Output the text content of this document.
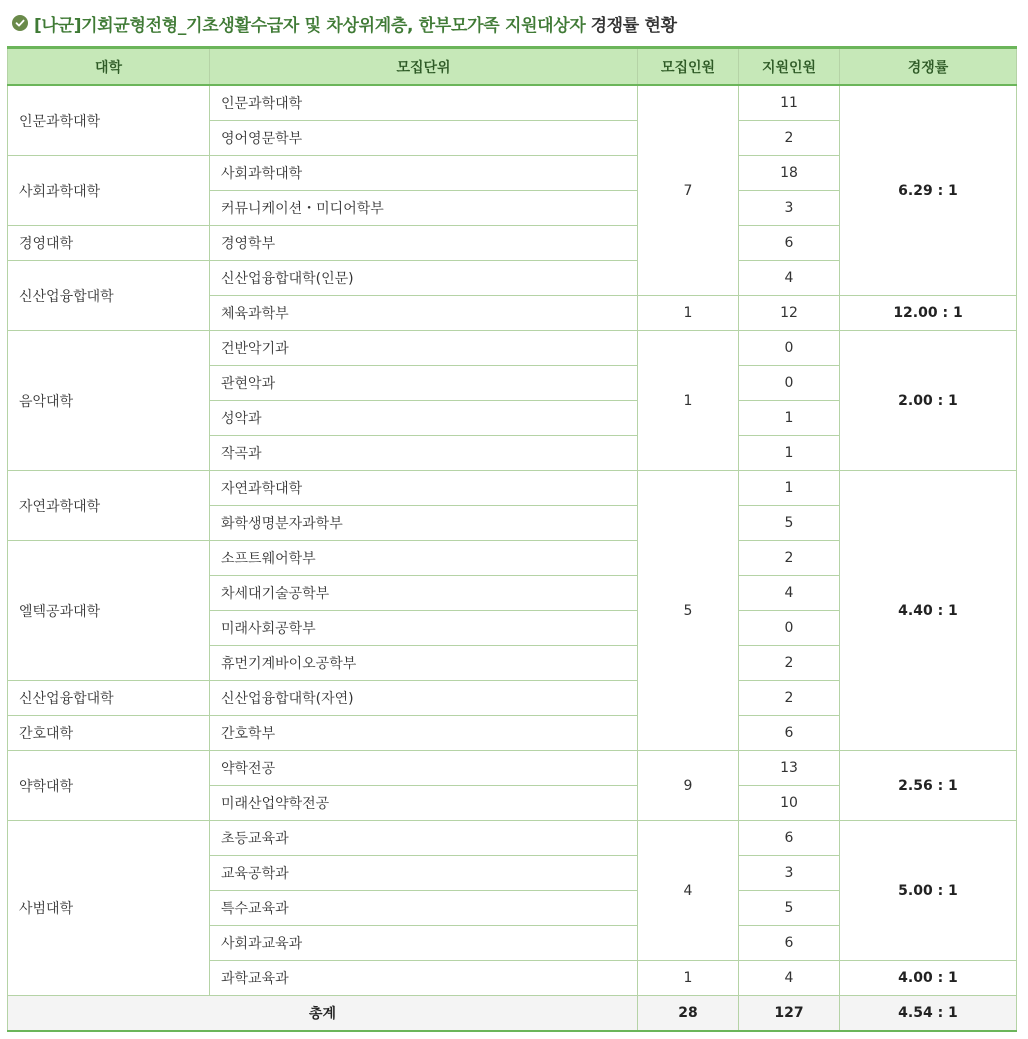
[나군]기회균형전형_기초생활수급자 및 차상위계층, 한부모가족 지원대상자 경쟁률 현황
대학	모집단위	모집인원	지원인원	경쟁률
인문과학대학	인문과학대학	7	11	6.29 : 1
	영어영문학부		2	
사회과학대학	사회과학대학		18	
	커뮤니케이션・미디어학부		3	
경영대학	경영학부		6	
신산업융합대학	신산업융합대학(인문)		4	
	체육과학부	1	12	12.00 : 1
음악대학	건반악기과	1	0	2.00 : 1
	관현악과		0	
	성악과		1	
	작곡과		1	
자연과학대학	자연과학대학	5	1	4.40 : 1
	화학생명분자과학부		5	
엘텍공과대학	소프트웨어학부		2	
	차세대기술공학부		4	
	미래사회공학부		0	
	휴먼기계바이오공학부		2	
신산업융합대학	신산업융합대학(자연)		2	
간호대학	간호학부		6	
약학대학	약학전공	9	13	2.56 : 1
	미래산업약학전공		10	
사범대학	초등교육과	4	6	5.00 : 1
	교육공학과		3	
	특수교육과		5	
	사회과교육과		6	
	과학교육과	1	4	4.00 : 1
총계		28	127	4.54 : 1
